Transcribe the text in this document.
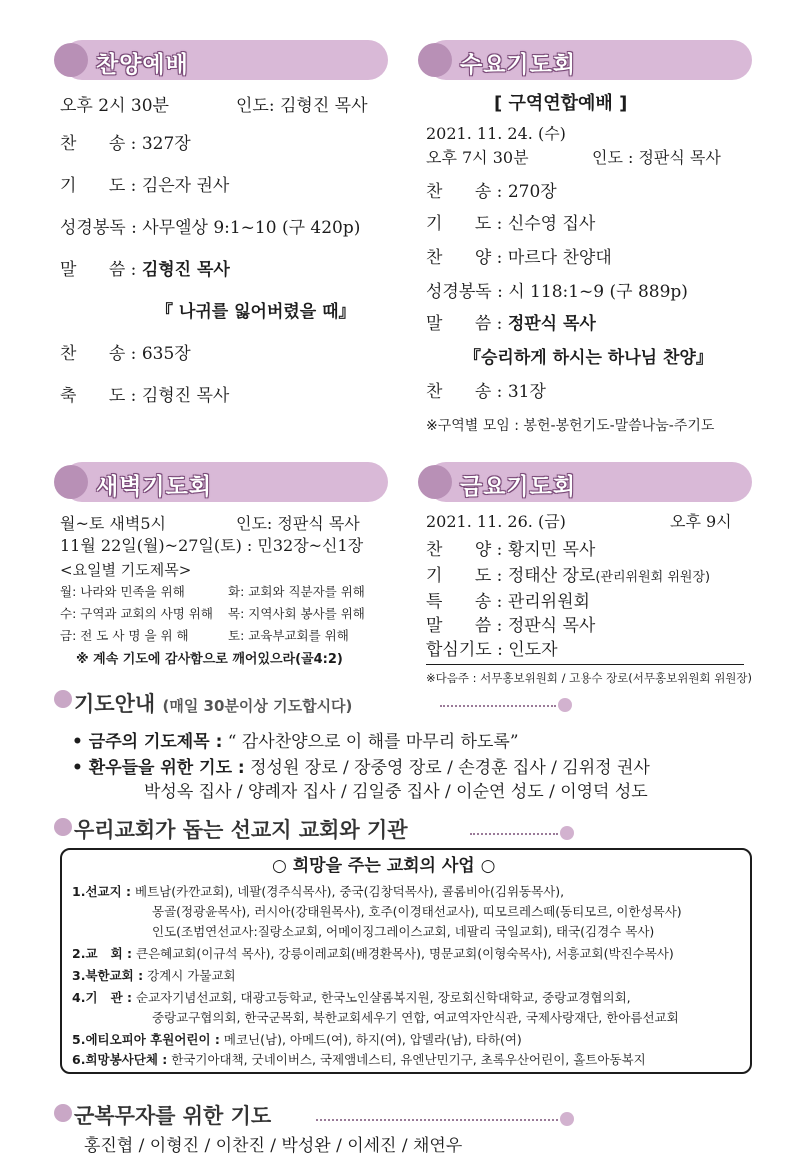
찬양예배
오후 2시 30분	인도: 김형진 목사
찬      송 : 327장
기      도 : 김은자 권사
성경봉독 : 사무엘상 9:1~10 (구 420p)
말      씀 : 김형진 목사
『 나귀를 잃어버렸을 때』
찬      송 : 635장
축      도 : 김형진 목사
수요기도회
[ 구역연합예배 ]
2021. 11. 24. (수)
오후 7시 30분	인도 : 정판식 목사
찬      송 : 270장
기      도 : 신수영 집사
찬      양 : 마르다 찬양대
성경봉독 : 시 118:1~9 (구 889p)
말      씀 : 정판식 목사
『승리하게 하시는 하나님 찬양』
찬      송 : 31장
※구역별 모임 : 봉헌-봉헌기도-말씀나눔-주기도
새벽기도회
월~토 새벽5시	인도: 정판식 목사
11월 22일(월)~27일(토) : 민32장~신1장
<요일별 기도제목>
월: 나라와 민족을 위해	화: 교회와 직분자를 위해
수: 구역과 교회의 사명 위해 목: 지역사회 봉사를 위해
금: 전 도 사 명 을 위 해	토: 교육부교회를 위해
※ 계속 기도에 감사함으로 깨어있으라(골4:2)
금요기도회
2021. 11. 26. (금)	오후 9시
찬      양 : 황지민 목사
기      도 : 정태산 장로(관리위원회 위원장)
특      송 : 관리위원회
말      씀 : 정판식 목사
합심기도 : 인도자
※다음주 : 서무홍보위원회 / 고용수 장로(서무홍보위원회 위원장)
기도안내 (매일 30분이상 기도합시다)
• 금주의 기도제목 : “ 감사찬양으로 이 해를 마무리 하도록”
• 환우들을 위한 기도 : 정성원 장로 / 장중영 장로 / 손경훈 집사 / 김위정 권사
박성옥 집사 / 양례자 집사 / 김일중 집사 / 이순연 성도 / 이영덕 성도
우리교회가 돕는 선교지 교회와 기관
○ 희망을 주는 교회의 사업 ○
1.선교지 : 베트남(카깐교회), 네팔(경주식목사), 중국(김창덕목사), 콜롬비아(김위동목사),
몽골(정광윤목사), 러시아(강태원목사), 호주(이경태선교사), 띠모르레스떼(동티모르, 이한성목사)
인도(조범연선교사:질랑소교회, 어메이징그레이스교회, 네팔리 국일교회), 태국(김경수 목사)
2.교   회 : 큰은혜교회(이규석 목사), 강릉이레교회(배경환목사), 명문교회(이형숙목사), 서흥교회(박진수목사)
3.북한교회 : 강계시 가물교회
4.기   관 : 순교자기념선교회, 대광고등학교, 한국노인샬롬복지원, 장로회신학대학교, 중랑교경협의회,
중랑교구협의회, 한국군목회, 북한교회세우기 연합, 여교역자안식관, 국제사랑재단, 한아름선교회
5.에티오피아 후원어린이 : 메코닌(남), 아메드(여), 하지(여), 압델라(남), 타하(여)
6.희망봉사단체 : 한국기아대책, 굿네이버스, 국제앰네스티, 유엔난민기구, 초록우산어린이, 홀트아동복지
군복무자를 위한 기도
홍진협 / 이형진 / 이찬진 / 박성완 / 이세진 / 채연우
